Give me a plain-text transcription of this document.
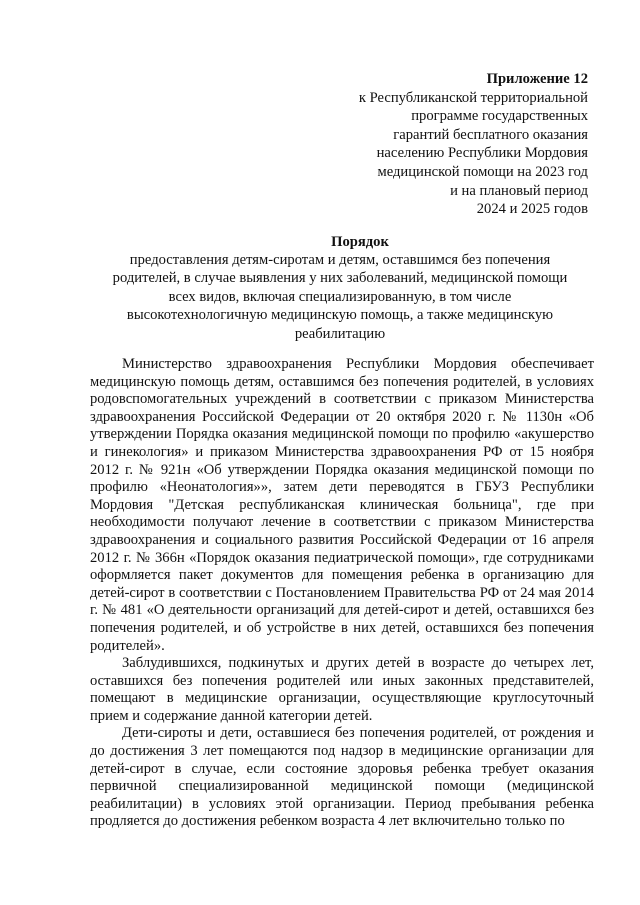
Приложение 12
к Республиканской территориальной
программе государственных
гарантий бесплатного оказания
населению Республики Мордовия
медицинской помощи на 2023 год
и на плановый период
2024 и 2025 годов
Порядок
предоставления детям-сиротам и детям, оставшимся без попечения
родителей, в случае выявления у них заболеваний, медицинской помощи
всех видов, включая специализированную, в том числе
высокотехнологичную медицинскую помощь, а также медицинскую
реабилитацию

Министерство здравоохранения Республики Мордовия обеспечивает медицинскую помощь детям, оставшимся без попечения родителей, в условиях родовспомогательных учреждений в соответствии с приказом Министерства здравоохранения Российской Федерации от 20 октября 2020 г. № 1130н «Об утверждении Порядка оказания медицинской помощи по профилю «акушерство и гинекология» и приказом Министерства здравоохранения РФ от 15 ноября 2012 г. № 921н «Об утверждении Порядка оказания медицинской помощи по профилю «Неонатология»», затем дети переводятся в ГБУЗ Республики Мордовия "Детская республиканская клиническая больница", где при необходимости получают лечение в соответствии с приказом Министерства здравоохранения и социального развития Российской Федерации от 16 апреля 2012 г. № 366н «Порядок оказания педиатрической помощи», где сотрудниками оформляется пакет документов для помещения ребенка в организацию для детей-сирот в соответствии с Постановлением Правительства РФ от 24 мая 2014 г. № 481 «О деятельности организаций для детей-сирот и детей, оставшихся без попечения родителей, и об устройстве в них детей, оставшихся без попечения родителей».

Заблудившихся, подкинутых и других детей в возрасте до четырех лет, оставшихся без попечения родителей или иных законных представителей, помещают в медицинские организации, осуществляющие круглосуточный прием и содержание данной категории детей.

Дети-сироты и дети, оставшиеся без попечения родителей, от рождения и до достижения 3 лет помещаются под надзор в медицинские организации для детей-сирот в случае, если состояние здоровья ребенка требует оказания первичной специализированной медицинской помощи (медицинской реабилитации) в условиях этой организации. Период пребывания ребенка продляется до достижения ребенком возраста 4 лет включительно только по
